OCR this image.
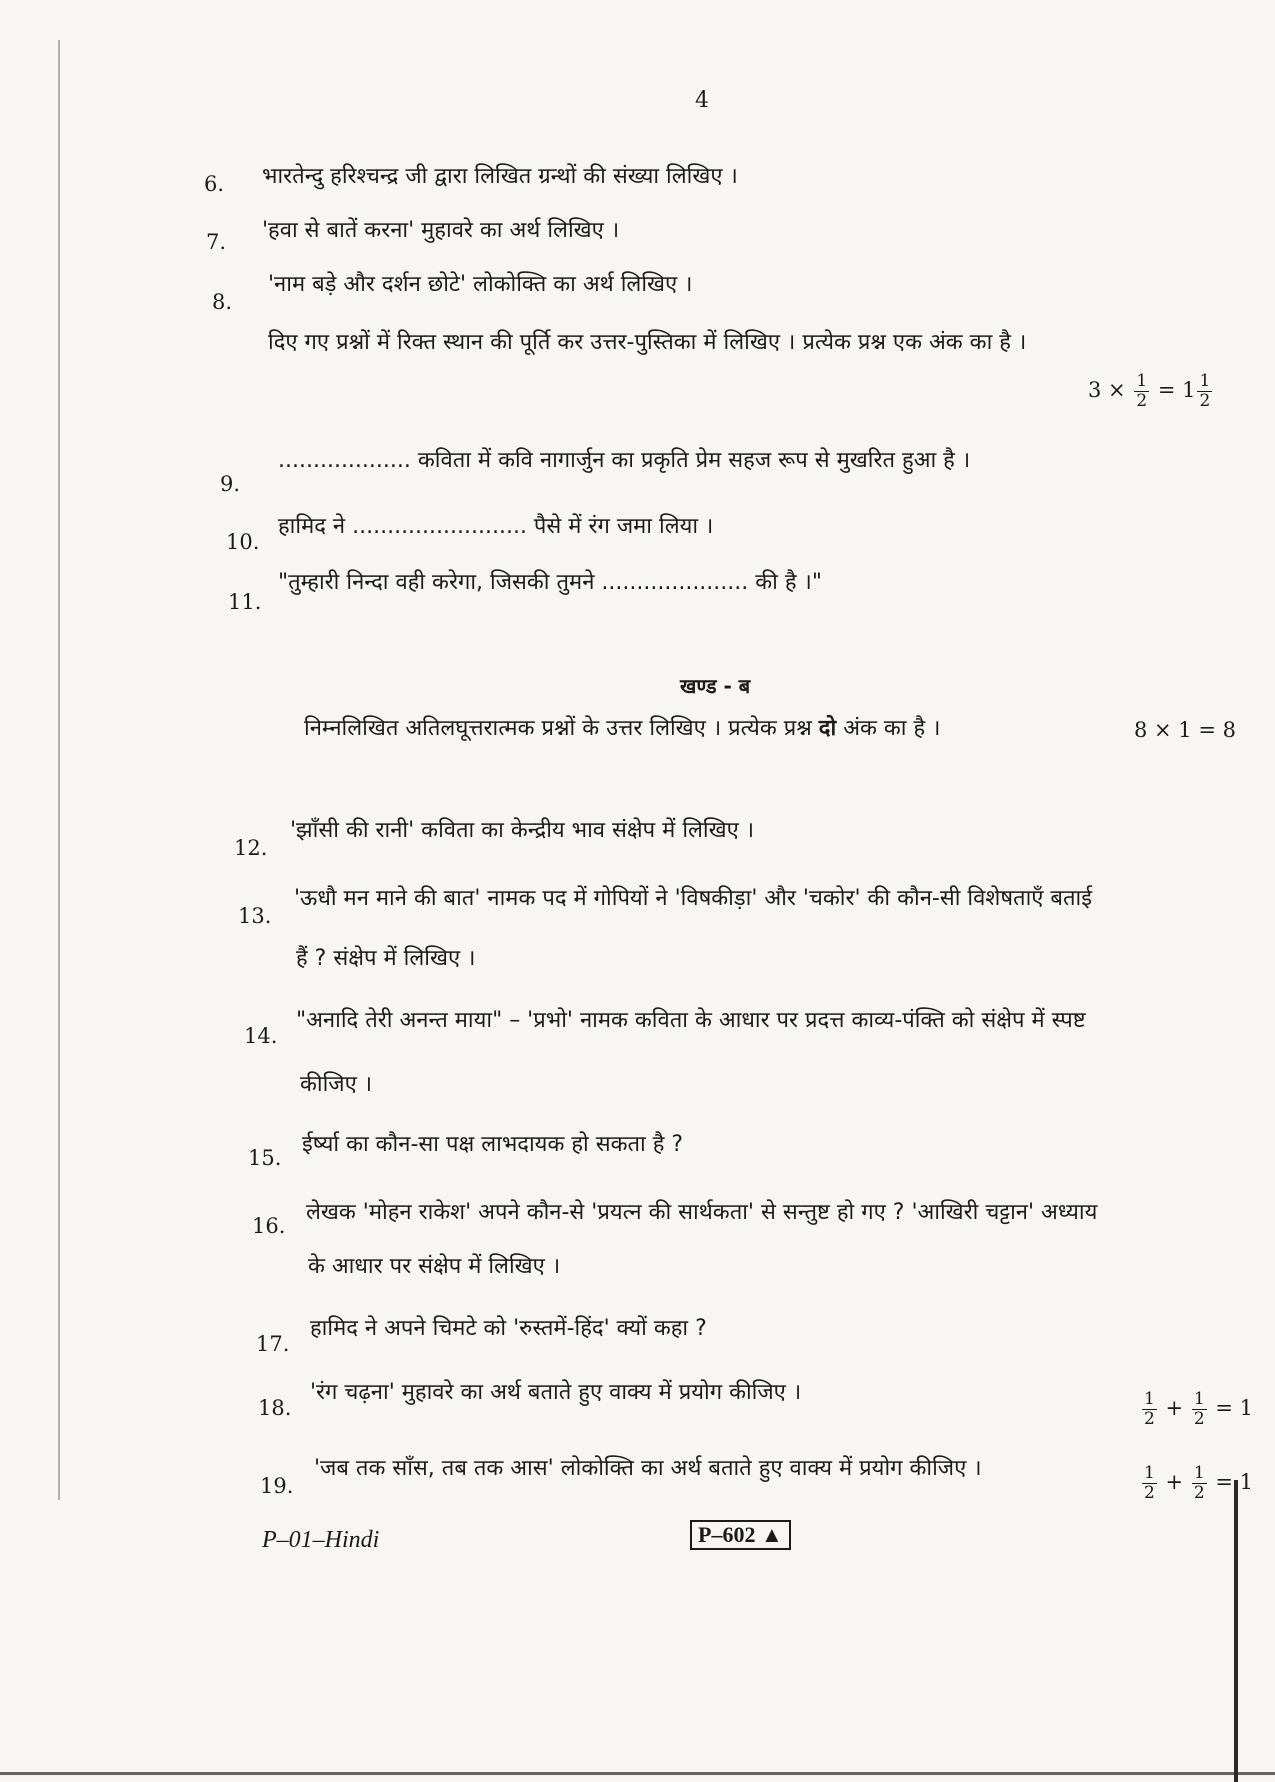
4
6. भारतेन्दु हरिश्चन्द्र जी द्वारा लिखित ग्रन्थों की संख्या लिखिए ।
7. 'हवा से बातें करना' मुहावरे का अर्थ लिखिए ।
8.
'नाम बड़े और दर्शन छोटे' लोकोक्ति का अर्थ लिखिए ।
दिए गए प्रश्नों में रिक्त स्थान की पूर्ति कर उत्तर-पुस्तिका में लिखिए । प्रत्येक प्रश्न एक अंक का है ।
$3 \times \frac{1}{2} = 1 \frac{1}{2}$
9.
................... कविता में कवि नागार्जुन का प्रकृति प्रेम सहज रूप से मुखरित हुआ है ।
10.
हामिद ने ......................... पैसे में रंग जमा लिया ।
11.
"तुम्हारी निन्दा वही करेगा, जिसकी तुमने ..................... की है ।"
खण्ड - ब
निम्नलिखित अतिलघूत्तरात्मक प्रश्नों के उत्तर लिखिए । प्रत्येक प्रश्न दो अंक का है ।	8 × 1 = 8
12.
'झाँसी की रानी' कविता का केन्द्रीय भाव संक्षेप में लिखिए ।
13.
'ऊधौ मन माने की बात' नामक पद में गोपियों ने 'विषकीड़ा' और 'चकोर' की कौन-सी विशेषताएँ बताई
हैं ? संक्षेप में लिखिए ।
14.
"अनादि तेरी अनन्त माया" – 'प्रभो' नामक कविता के आधार पर प्रदत्त काव्य-पंक्ति को संक्षेप में स्पष्ट
कीजिए ।
15.
ईर्ष्या का कौन-सा पक्ष लाभदायक हो सकता है ?
16.
लेखक 'मोहन राकेश' अपने कौन-से 'प्रयत्न की सार्थकता' से सन्तुष्ट हो गए ? 'आखिरी चट्टान' अध्याय
के आधार पर संक्षेप में लिखिए ।
17.
हामिद ने अपने चिमटे को 'रुस्तमें-हिंद' क्यों कहा ?
18.
'रंग चढ़ना' मुहावरे का अर्थ बताते हुए वाक्य में प्रयोग कीजिए ।	$\frac{1}{2} + \frac{1}{2} = 1$
19.
'जब तक साँस, तब तक आस' लोकोक्ति का अर्थ बताते हुए वाक्य में प्रयोग कीजिए ।	$\frac{1}{2} + \frac{1}{2} = 1$
P–01–Hindi	P–602 ▲
